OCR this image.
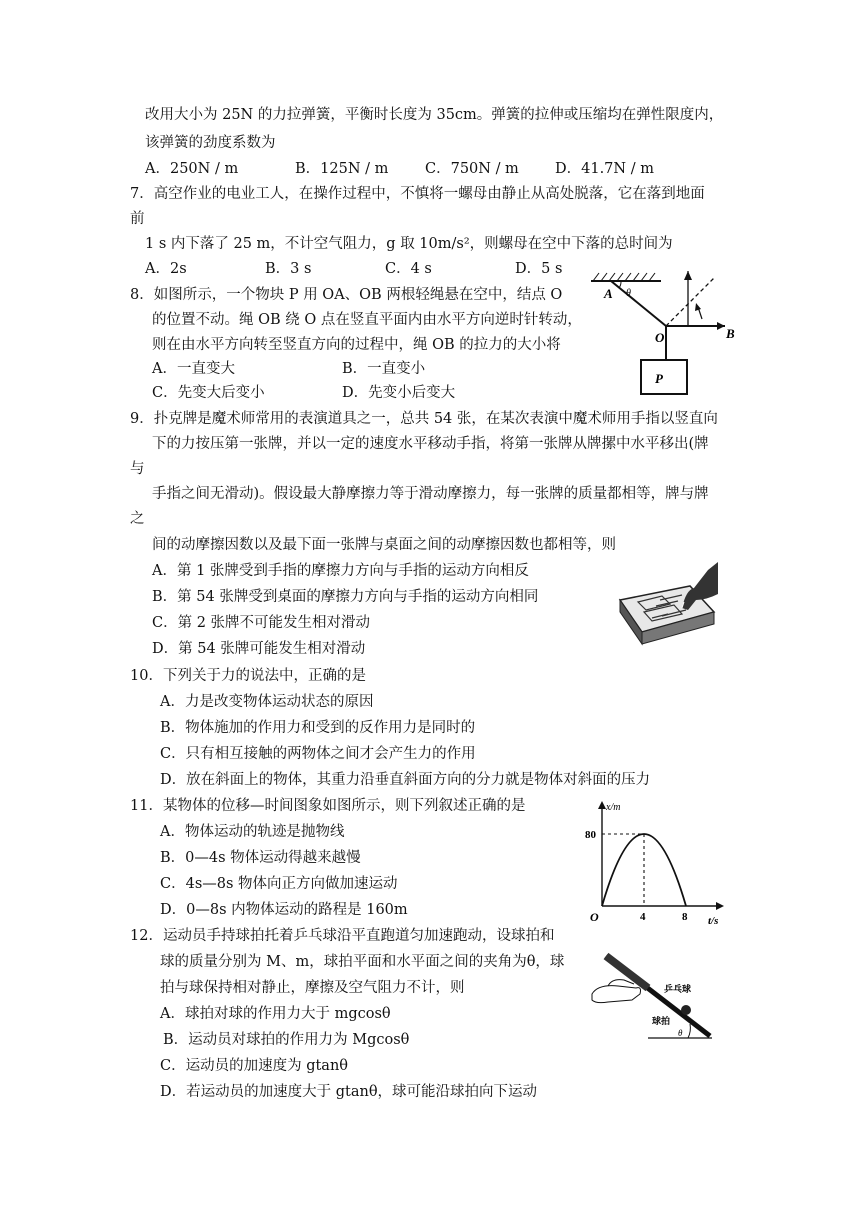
改用大小为 25N 的力拉弹簧，平衡时长度为 35cm。弹簧的拉伸或压缩均在弹性限度内，
该弹簧的劲度系数为
A．250N / m	B．125N / m	C．750N / m D．41.7N / m
7．高空作业的电业工人，在操作过程中，不慎将一螺母由静止从高处脱落，它在落到地面
前
1 s 内下落了 25 m，不计空气阻力，g 取 10m/s²，则螺母在空中下落的总时间为
A．2s	B．3 s	C．4 s	D．5 s
8．如图所示，一个物块 P 用 OA、OB 两根轻绳悬在空中，结点 O
的位置不动。绳 OB 绕 O 点在竖直平面内由水平方向逆时针转动，
则在由水平方向转至竖直方向的过程中，绳 OB 的拉力的大小将
A．一直变大	B．一直变小
C．先变大后变小	D．先变小后变大
A θ
O	B
P
9．扑克牌是魔术师常用的表演道具之一，总共 54 张，在某次表演中魔术师用手指以竖直向
下的力按压第一张牌，并以一定的速度水平移动手指，将第一张牌从牌摞中水平移出(牌
与
手指之间无滑动)。假设最大静摩擦力等于滑动摩擦力，每一张牌的质量都相等，牌与牌
之
间的动摩擦因数以及最下面一张牌与桌面之间的动摩擦因数也都相等，则
A．第 1 张牌受到手指的摩擦力方向与手指的运动方向相反
B．第 54 张牌受到桌面的摩擦力方向与手指的运动方向相同
C．第 2 张牌不可能发生相对滑动
D．第 54 张牌可能发生相对滑动
10．下列关于力的说法中，正确的是
A．力是改变物体运动状态的原因
B．物体施加的作用力和受到的反作用力是同时的
C．只有相互接触的两物体之间才会产生力的作用
D．放在斜面上的物体，其重力沿垂直斜面方向的分力就是物体对斜面的压力
11．某物体的位移—时间图象如图所示，则下列叙述正确的是
A．物体运动的轨迹是抛物线
B．0—4s 物体运动得越来越慢
C．4s—8s 物体向正方向做加速运动
D．0—8s 内物体运动的路程是 160m
x/m
t/s
O
80
4	8
12．运动员手持球拍托着乒乓球沿平直跑道匀加速跑动，设球拍和
球的质量分别为 M、m，球拍平面和水平面之间的夹角为θ，球
拍与球保持相对静止，摩擦及空气阻力不计，则
A．球拍对球的作用力大于 mgcosθ
B．运动员对球拍的作用力为 Mgcosθ
C．运动员的加速度为 gtanθ
D．若运动员的加速度大于 gtanθ，球可能沿球拍向下运动
乒乓球
球拍
θ
